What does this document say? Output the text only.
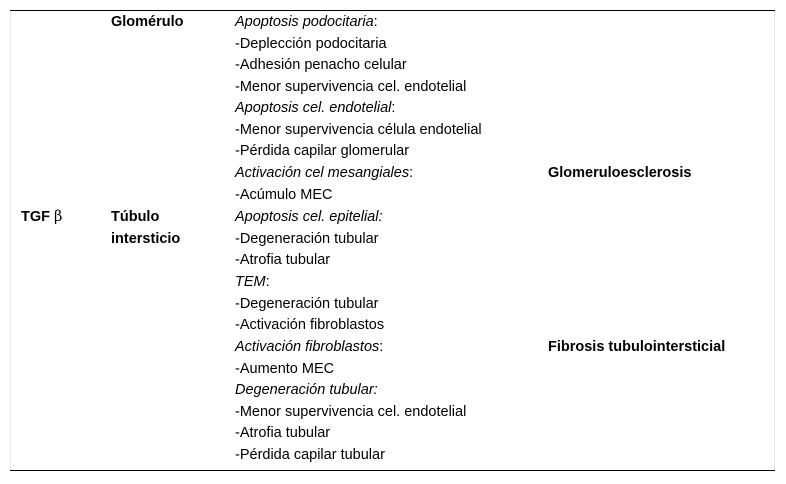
TGF β
Glomérulo
Túbulo
intersticio
Apoptosis podocitaria:
-Deplección podocitaria
-Adhesión penacho celular
-Menor supervivencia cel. endotelial
Apoptosis cel. endotelial:
-Menor supervivencia célula endotelial
-Pérdida capilar glomerular
Activación cel mesangiales:
-Acúmulo MEC
Apoptosis cel. epitelial:
-Degeneración tubular
-Atrofia tubular
TEM:
-Degeneración tubular
-Activación fibroblastos
Activación fibroblastos:
-Aumento MEC
Degeneración tubular:
-Menor supervivencia cel. endotelial
-Atrofia tubular
-Pérdida capilar tubular
Glomeruloesclerosis
Fibrosis tubulointersticial
